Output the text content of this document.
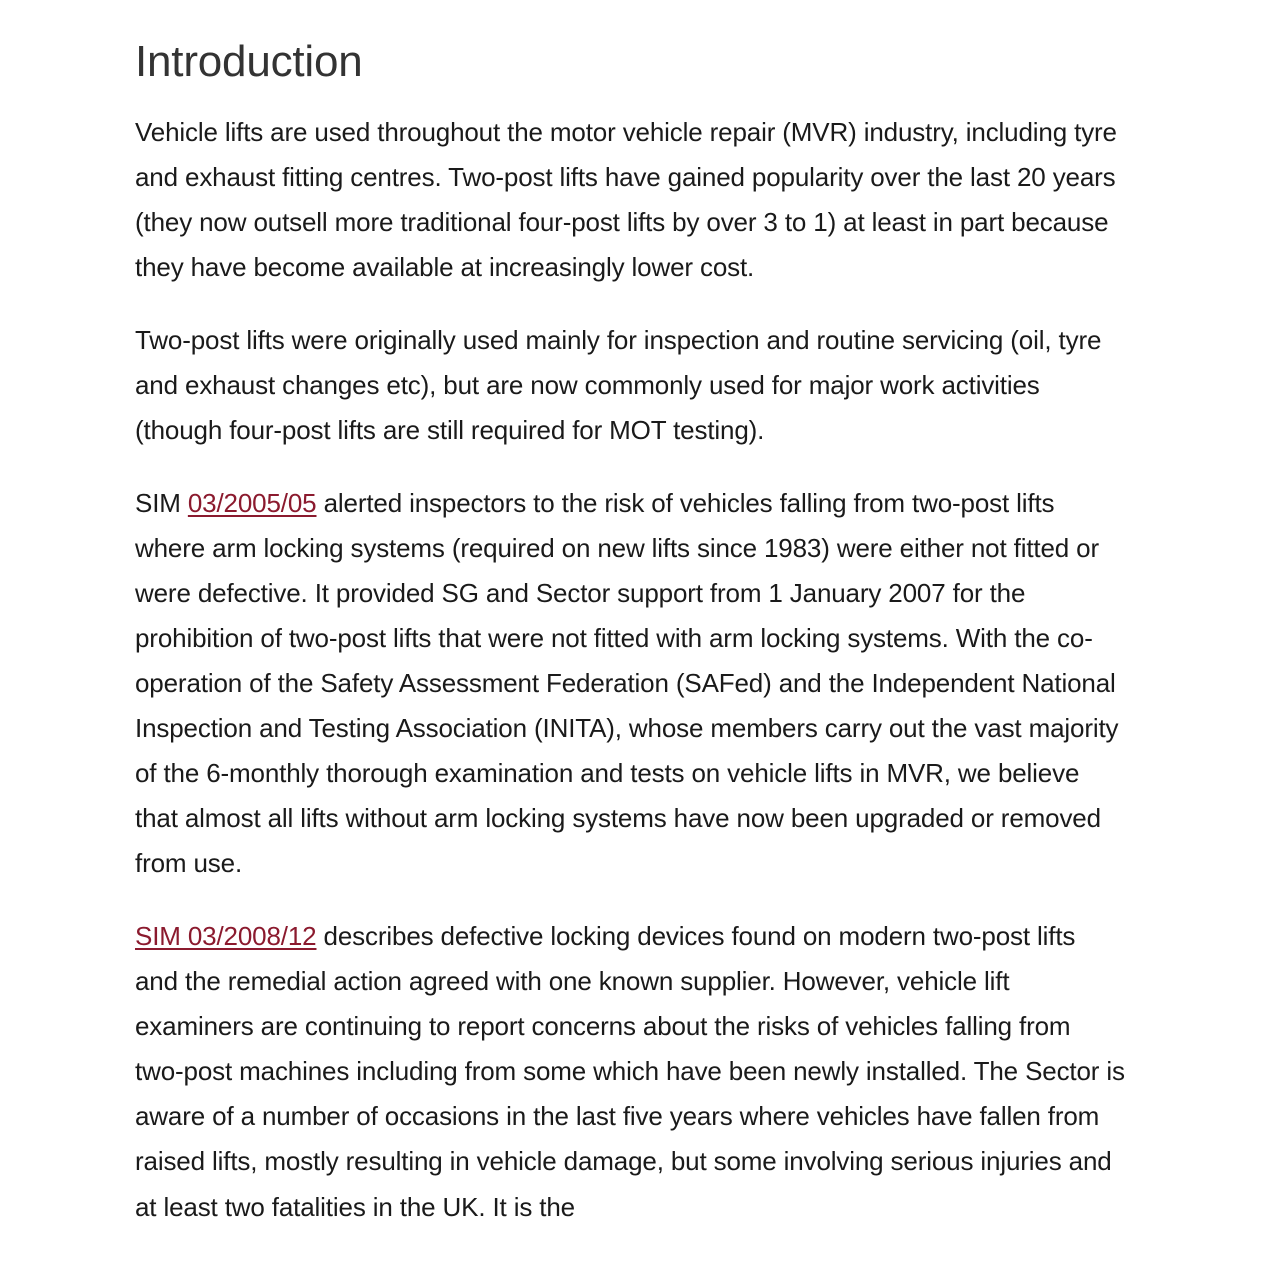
Introduction

Vehicle lifts are used throughout the motor vehicle repair (MVR) industry, including tyre and exhaust fitting centres. Two-post lifts have gained popularity over the last 20 years (they now outsell more traditional four-post lifts by over 3 to 1) at least in part because they have become available at increasingly lower cost.

Two-post lifts were originally used mainly for inspection and routine servicing (oil, tyre and exhaust changes etc), but are now commonly used for major work activities (though four-post lifts are still required for MOT testing).

SIM 03/2005/05 alerted inspectors to the risk of vehicles falling from two-post lifts where arm locking systems (required on new lifts since 1983) were either not fitted or were defective. It provided SG and Sector support from 1 January 2007 for the prohibition of two-post lifts that were not fitted with arm locking systems. With the co-operation of the Safety Assessment Federation (SAFed) and the Independent National Inspection and Testing Association (INITA), whose members carry out the vast majority of the 6-monthly thorough examination and tests on vehicle lifts in MVR, we believe that almost all lifts without arm locking systems have now been upgraded or removed from use.

SIM 03/2008/12 describes defective locking devices found on modern two-post lifts and the remedial action agreed with one known supplier. However, vehicle lift examiners are continuing to report concerns about the risks of vehicles falling from two-post machines including from some which have been newly installed. The Sector is aware of a number of occasions in the last five years where vehicles have fallen from raised lifts, mostly resulting in vehicle damage, but some involving serious injuries and at least two fatalities in the UK. It is the
